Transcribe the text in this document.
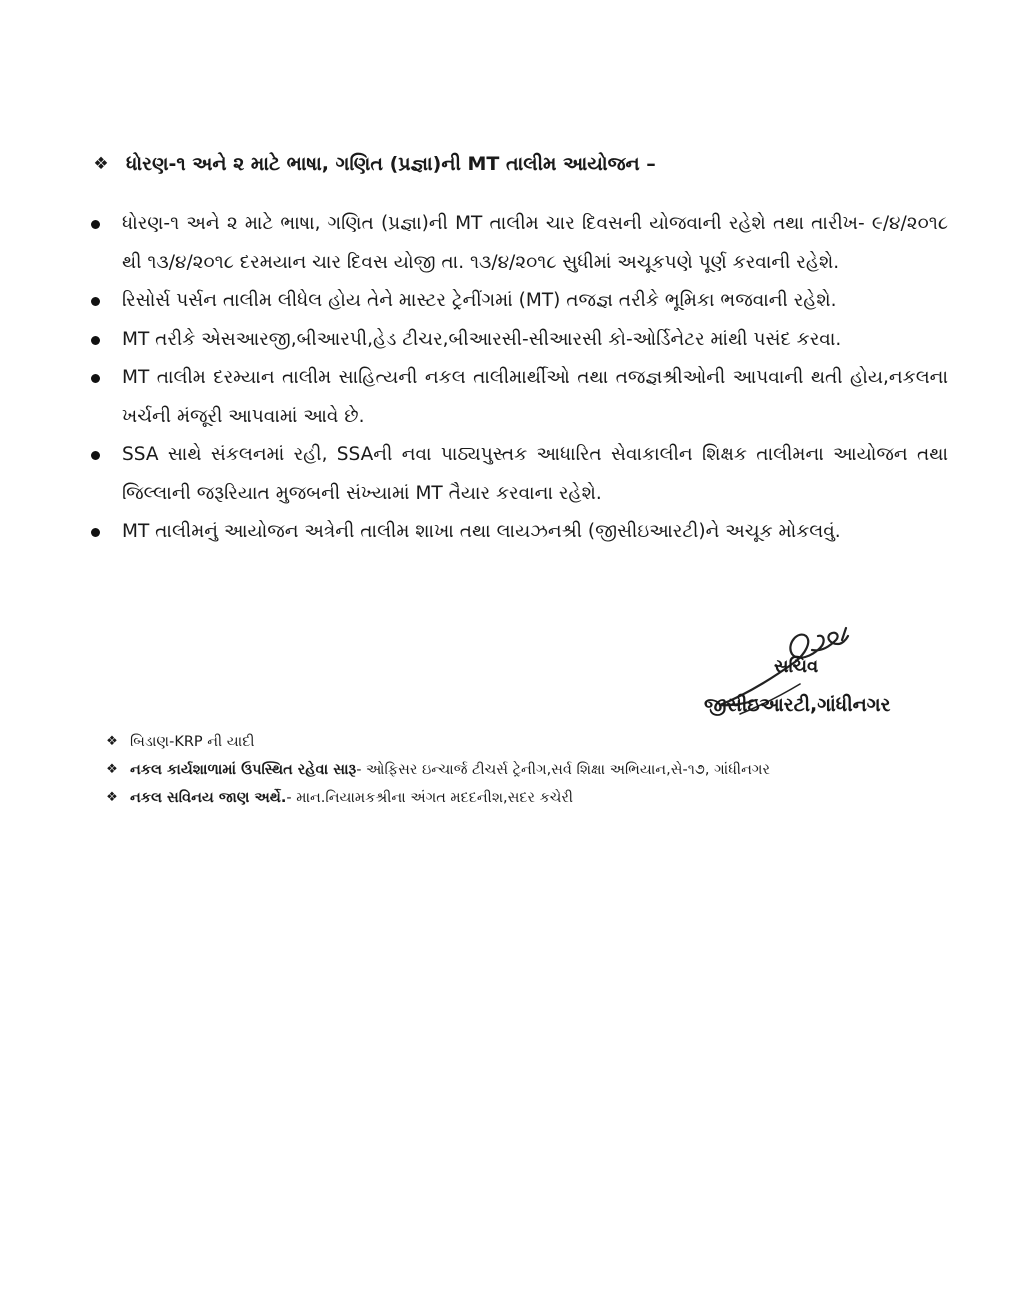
❖ ધોરણ-૧ અને ૨ માટે ભાષા, ગણિત (પ્રજ્ઞા)ની MT તાલીમ આયોજન –
ધોરણ-૧ અને ૨ માટે ભાષા, ગણિત (પ્રજ્ઞા)ની MT તાલીમ ચાર દિવસની યોજવાની રહેશે તથા તારીખ- ૯/૪/૨૦૧૮ થી ૧૩/૪/૨૦૧૮ દરમયાન ચાર દિવસ યોજી તા. ૧૩/૪/૨૦૧૮ સુધીમાં અચૂકપણે પૂર્ણ કરવાની રહેશે.
રિસોર્સ પર્સન તાલીમ લીધેલ હોય તેને માસ્ટર ટ્રેનીંગમાં (MT) તજજ્ઞ તરીકે ભૂમિકા ભજવાની રહેશે.
MT તરીકે એસઆરજી,બીઆરપી,હેડ ટીચર,બીઆરસી-સીઆરસી કો-ઓર્ડિનેટર માંથી પસંદ કરવા.
MT તાલીમ દરમ્યાન તાલીમ સાહિત્યની નકલ તાલીમાર્થીઓ તથા તજજ્ઞશ્રીઓની આપવાની થતી હોય,નકલના ખર્ચની મંજૂરી આપવામાં આવે છે.
SSA સાથે સંકલનમાં રહી, SSAની નવા પાઠ્યપુસ્તક આધારિત સેવાકાલીન શિક્ષક તાલીમના આયોજન તથા જિલ્લાની જરૂરિયાત મુજબની સંખ્યામાં MT તૈયાર કરવાના રહેશે.
MT તાલીમનું આયોજન અત્રેની તાલીમ શાખા તથા લાયઝનશ્રી (જીસીઇઆરટી)ને અચૂક મોકલવું.
સચિવ
જીસીઇઆરટી,ગાંધીનગર
❖ બિડાણ- KRP ની યાદી
❖ નકલ કાર્યશાળામાં ઉપસ્થિત રહેવા સારૂ - ઓફિસર ઇન્ચાર્જ ટીચર્સ ટ્રેનીગ,સર્વ શિક્ષા અભિયાન,સે-૧૭, ગાંધીનગર
❖ નકલ સવિનય જાણ અર્થે. - માન.નિયામકશ્રીના અંગત મદદનીશ,સદર કચેરી
